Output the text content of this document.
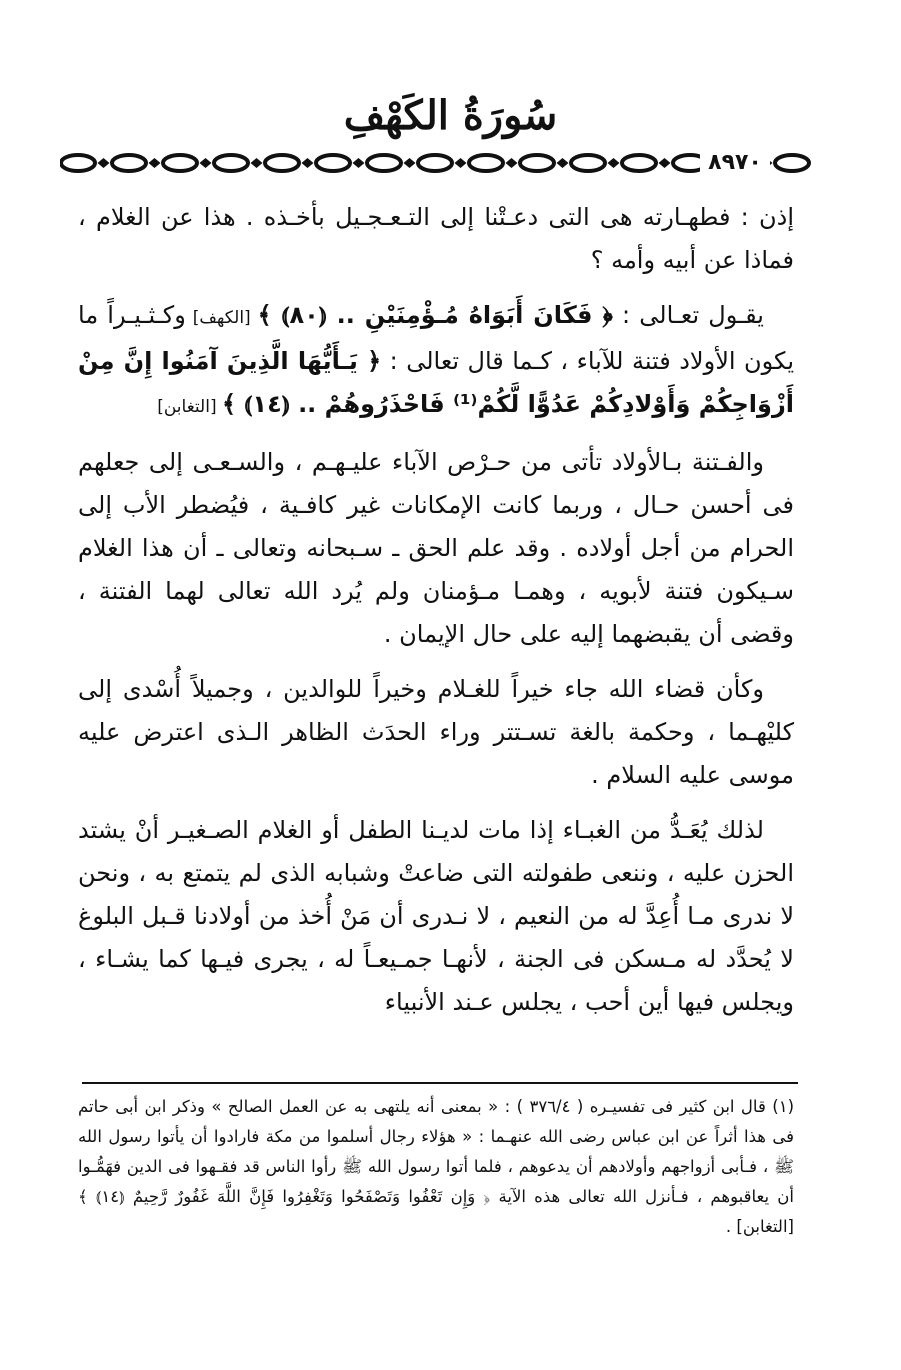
سُورَةُ الكَهْفِ
٨٩٧٠

إذن : فطهـارته هى التى دعـتْنا إلى التـعـجـيل بأخـذه . هذا عن الغلام ، فماذا عن أبيه وأمه ؟

يقـول تعـالى : ﴿ فَكَانَ أَبَوَاهُ مُـؤْمِنَيْنِ .. ⦅٨٠⦆ ﴾ [الكهف] وكـثـيـراً ما يكون الأولاد فتنة للآباء ، كـما قال تعالى : ﴿ يَـأَيُّهَا الَّذِينَ آمَنُوا إِنَّ مِنْ أَزْوَاجِكُمْ وَأَوْلادِكُمْ عَدُوًّا لَّكُمْ⁽¹⁾ فَاحْذَرُوهُمْ .. ⦅١٤⦆ ﴾ [التغابن]

والفـتنة بـالأولاد تأتى من حـرْص الآباء عليـهـم ، والسـعـى إلى جعلهم فى أحسن حـال ، وربما كانت الإمكانات غير كافـية ، فيُضطر الأب إلى الحرام من أجل أولاده . وقد علم الحق ـ سـبحانه وتعالى ـ أن هذا الغلام سـيكون فتنة لأبويه ، وهمـا مـؤمنان ولم يُرد الله تعالى لهما الفتنة ، وقضى أن يقبضهما إليه على حال الإيمان .

وكأن قضاء الله جاء خيراً للغـلام وخيراً للوالدين ، وجميلاً أُسْدى إلى كليْهـما ، وحكمة بالغة تسـتتر وراء الحدَث الظاهر الـذى اعترض عليه موسى عليه السلام .

لذلك يُعَـدُّ من الغبـاء إذا مات لديـنا الطفل أو الغلام الصـغيـر أنْ يشتد الحزن عليه ، وننعى طفولته التى ضاعتْ وشبابه الذى لم يتمتع به ، ونحن لا ندرى مـا أُعِدَّ له من النعيم ، لا نـدرى أن مَنْ أُخذ من أولادنا قـبل البلوغ لا يُحدَّد له مـسكن فى الجنة ، لأنهـا جمـيعـاً له ، يجرى فيـها كما يشـاء ، ويجلس فيها أين أحب ، يجلس عـند الأنبياء

(١) قال ابن كثير فى تفسيـره ( ٣٧٦/٤ ) : « بمعنى أنه يلتهى به عن العمل الصالح » وذكر ابن أبى حاتم فى هذا أثراً عن ابن عباس رضى الله عنهـما : « هؤلاء رجال أسلموا من مكة فارادوا أن يأتوا رسول الله ﷺ ، فـأبى أزواجهم وأولادهم أن يدعوهم ، فلما أتوا رسول الله ﷺ رأوا الناس قد فقـهوا فى الدين فهَمُّـوا أن يعاقبوهم ، فـأنزل الله تعالى هذه الآية ﴿ وَإِن تَعْفُوا وَتَصْفَحُوا وَتَغْفِرُوا فَإِنَّ اللَّهَ غَفُورٌ رَّحِيمٌ ⦅١٤⦆ ﴾ [التغابن] .
